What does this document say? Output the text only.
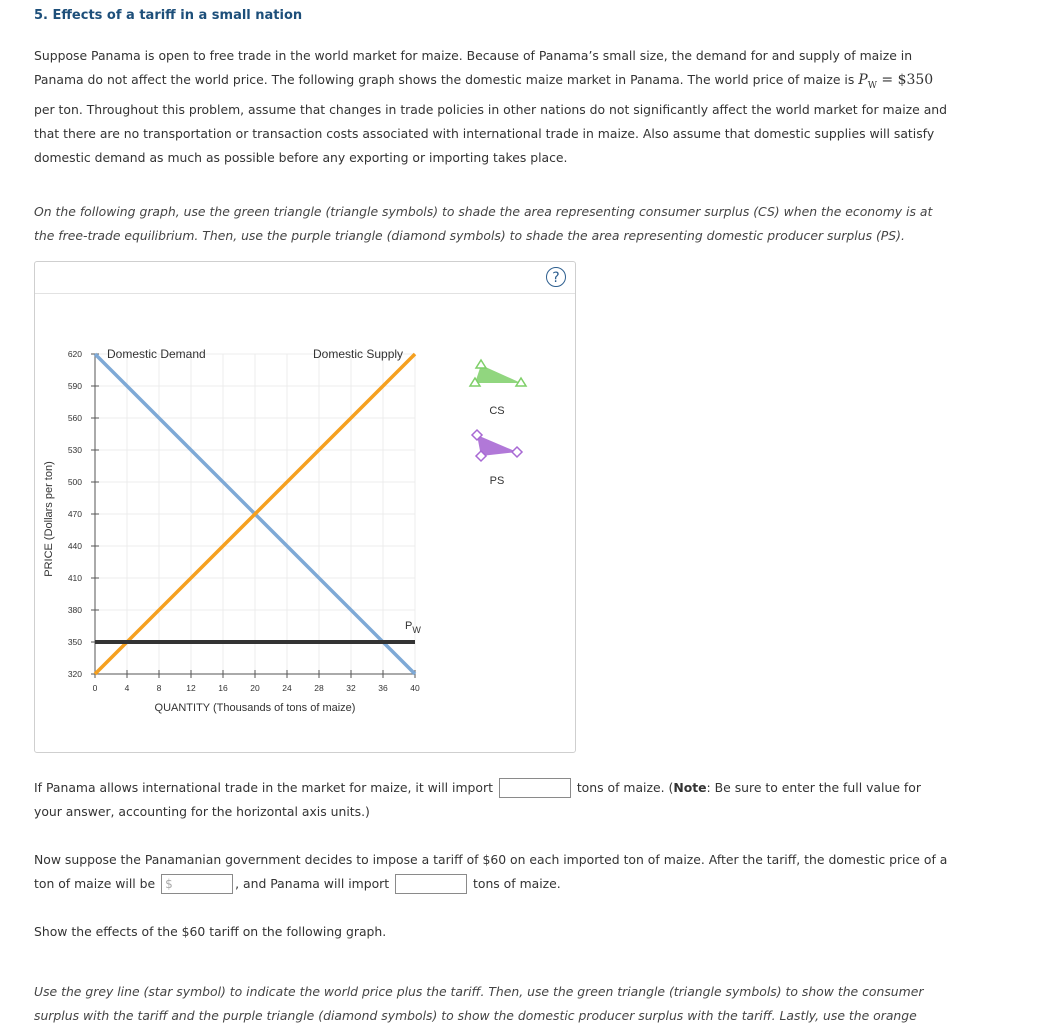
5. Effects of a tariff in a small nation
Suppose Panama is open to free trade in the world market for maize. Because of Panama’s small size, the demand for and supply of maize in Panama do not affect the world price. The following graph shows the domestic maize market in Panama. The world price of maize is $P_W$ = $350 per ton. Throughout this problem, assume that changes in trade policies in other nations do not significantly affect the world market for maize and that there are no transportation or transaction costs associated with international trade in maize. Also assume that domestic supplies will satisfy domestic demand as much as possible before any exporting or importing takes place.
On the following graph, use the green triangle (triangle symbols) to shade the area representing consumer surplus (CS) when the economy is at the free-trade equilibrium. Then, use the purple triangle (diamond symbols) to shade the area representing domestic producer surplus (PS).
?
0	4	8	12	16	20	24	28	32	36	40
320
350
380
410
440
470
500
530
560
590
620 Domestic Demand	Domestic Supply
$P_W$
QUANTITY (Thousands of tons of maize)
PRICE (Dollars per ton)
CS
PS
If Panama allows international trade in the market for maize, it will import	tons of maize. (Note: Be sure to enter the full value for your answer, accounting for the horizontal axis units.)
Now suppose the Panamanian government decides to impose a tariff of $60 on each imported ton of maize. After the tariff, the domestic price of a ton of maize will be $	, and Panama will import	tons of maize.
Show the effects of the $60 tariff on the following graph.
Use the grey line (star symbol) to indicate the world price plus the tariff. Then, use the green triangle (triangle symbols) to show the consumer surplus with the tariff and the purple triangle (diamond symbols) to show the domestic producer surplus with the tariff. Lastly, use the orange
